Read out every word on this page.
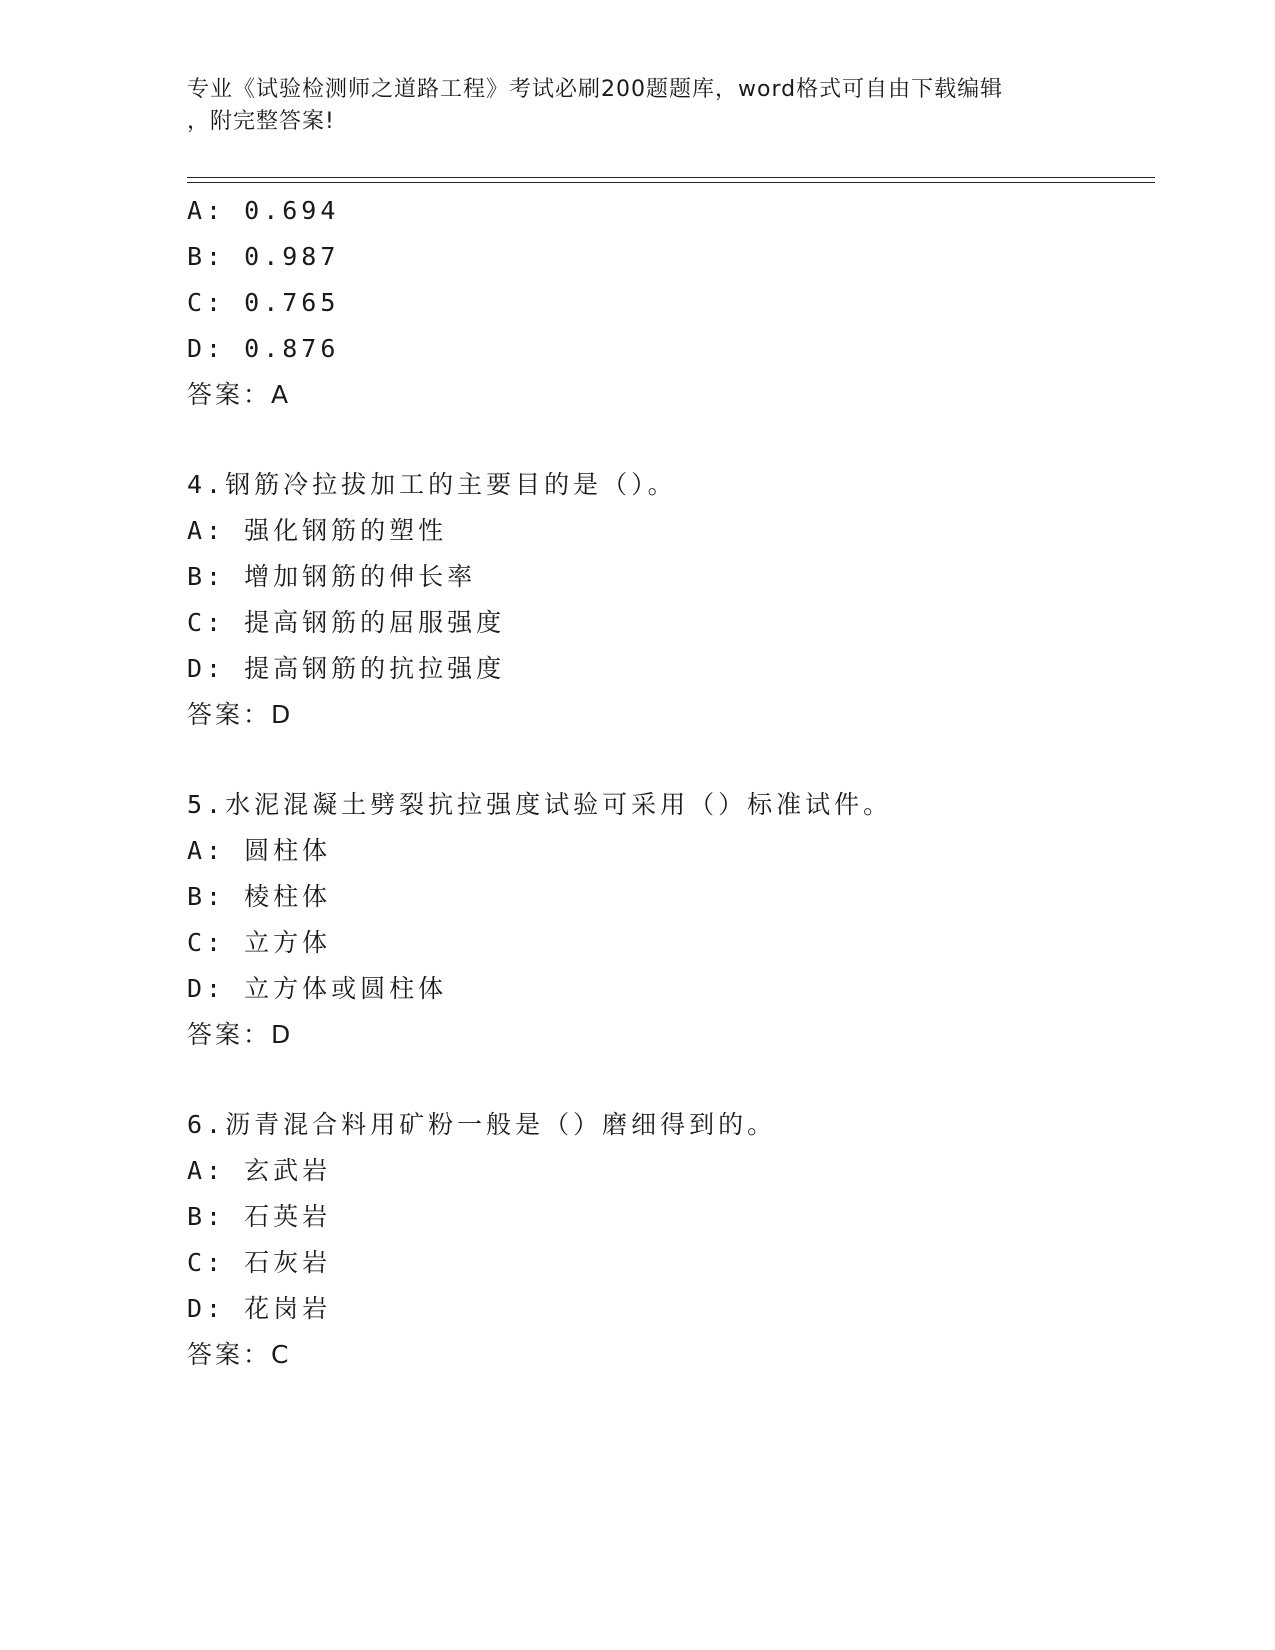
专业《试验检测师之道路工程》考试必刷200题题库，word格式可自由下载编辑
，附完整答案!
A: 0.694
B: 0.987
C: 0.765
D: 0.876
答案：A
4.钢筋冷拉拔加工的主要目的是（）。
A: 强化钢筋的塑性
B: 增加钢筋的伸长率
C: 提高钢筋的屈服强度
D: 提高钢筋的抗拉强度
答案：D
5.水泥混凝土劈裂抗拉强度试验可采用（）标准试件。
A: 圆柱体
B: 棱柱体
C: 立方体
D: 立方体或圆柱体
答案：D
6.沥青混合料用矿粉一般是（）磨细得到的。
A: 玄武岩
B: 石英岩
C: 石灰岩
D: 花岗岩
答案：C
